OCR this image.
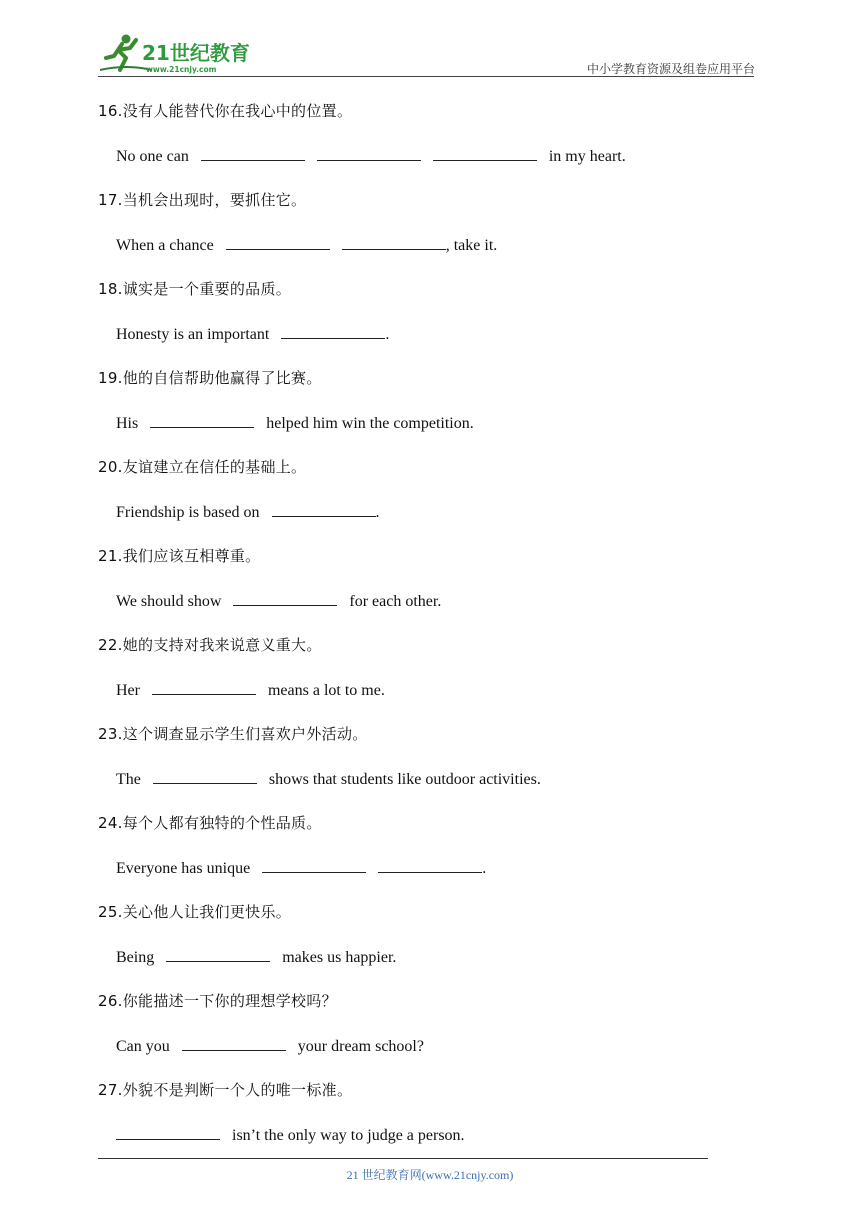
21世纪教育
www.21cnjy.com	中小学教育资源及组卷应用平台
16.没有人能替代你在我心中的位置。
No one can	in my heart.
17.当机会出现时，要抓住它。
When a chance	, take it.
18.诚实是一个重要的品质。
Honesty is an important	.
19.他的自信帮助他赢得了比赛。
His	helped him win the competition.
20.友谊建立在信任的基础上。
Friendship is based on	.
21.我们应该互相尊重。
We should show	for each other.
22.她的支持对我来说意义重大。
Her	means a lot to me.
23.这个调查显示学生们喜欢户外活动。
The	shows that students like outdoor activities.
24.每个人都有独特的个性品质。
Everyone has unique	.
25.关心他人让我们更快乐。
Being	makes us happier.
26.你能描述一下你的理想学校吗？
Can you	your dream school?
27.外貌不是判断一个人的唯一标准。
isn’t the only way to judge a person.
21 世纪教育网(www.21cnjy.com)
